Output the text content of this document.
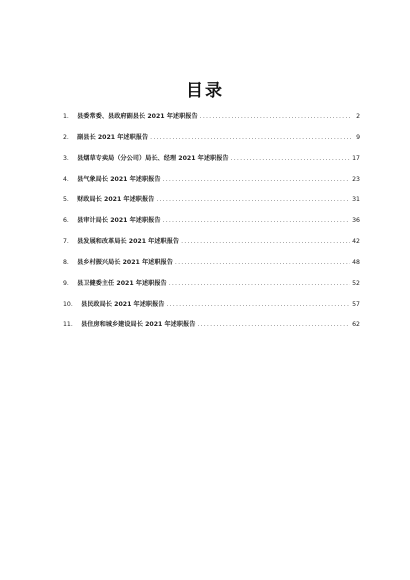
目录
1． 县委常委、县政府副县长 2021 年述职报告 .....	2
2． 副县长 2021 年述职报告 .....	9
3． 县烟草专卖局（分公司）局长、经理 2021 年述职报告 .....	17
4． 县气象局长 2021 年述职报告 .....	23
5． 财政局长 2021 年述职报告 .....	31
6． 县审计局长 2021 年述职报告 .....	36
7． 县发展和改革局长 2021 年述职报告 .....	42
8． 县乡村振兴局长 2021 年述职报告 .....	48
9． 县卫健委主任 2021 年述职报告 .....	52
10． 县民政局长 2021 年述职报告 .....	57
11． 县住房和城乡建设局长 2021 年述职报告 .....	62
